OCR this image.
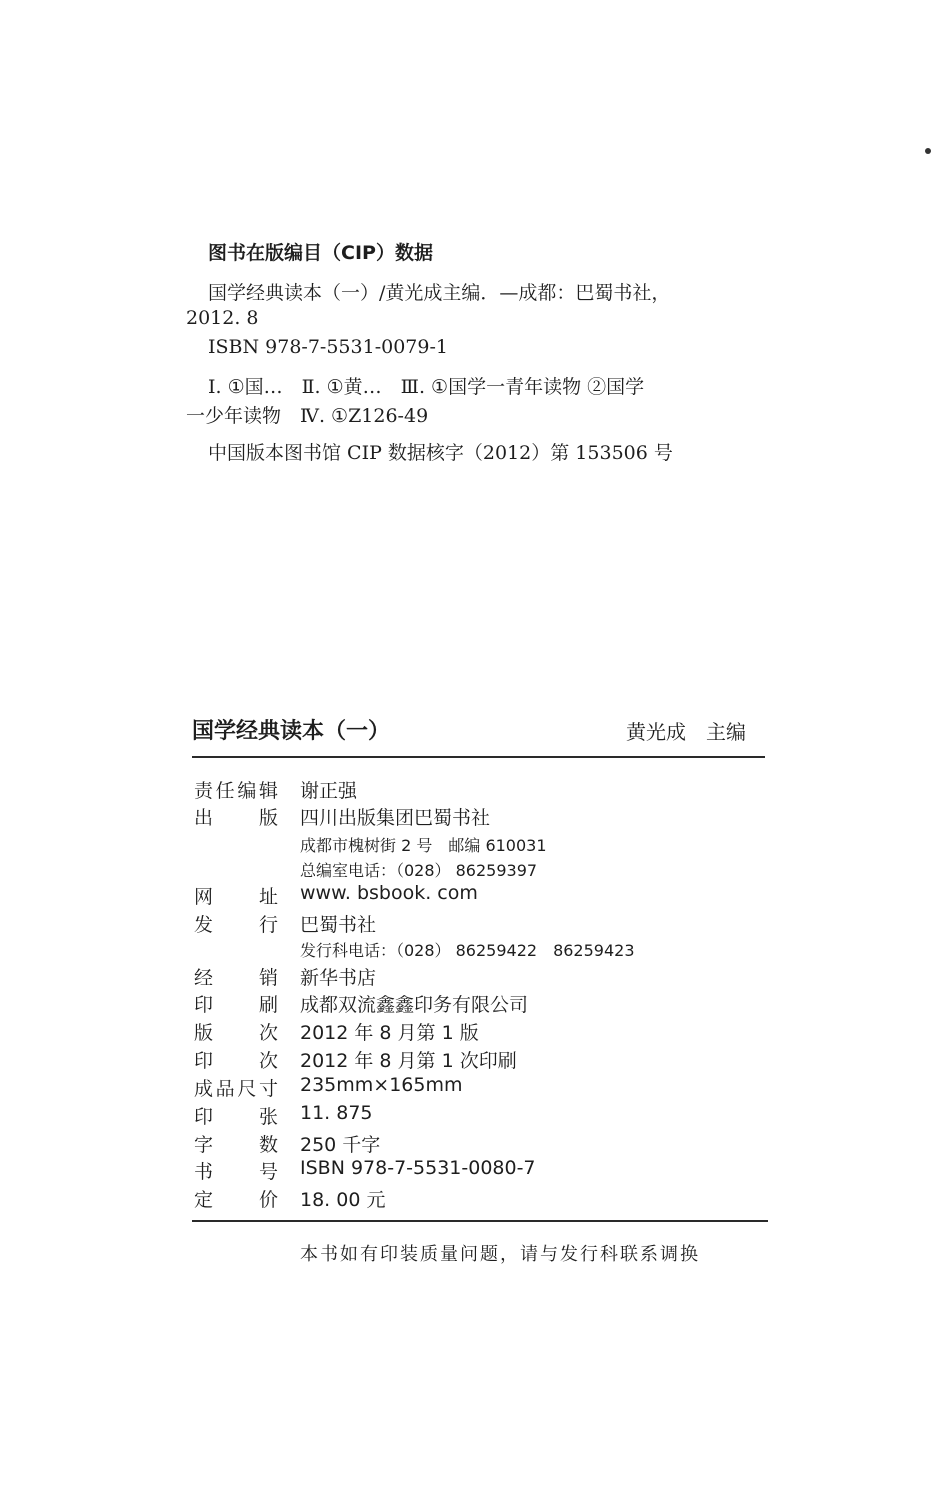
图书在版编目（CIP）数据
国学经典读本（一）/黄光成主编．—成都：巴蜀书社，
2012. 8
ISBN 978-7-5531-0079-1
Ⅰ. ①国…　Ⅱ. ①黄…　Ⅲ. ①国学一青年读物 ②国学
一少年读物　Ⅳ. ①Z126-49
中国版本图书馆 CIP 数据核字（2012）第 153506 号
国学经典读本（一）	黄光成　主编
责 任 编 辑 谢正强
出 版 四川出版集团巴蜀书社
成都市槐树街 2 号　邮编 610031
总编室电话：（028） 86259397
网 址 www. bsbook. com
发 行 巴蜀书社
发行科电话：（028） 86259422　86259423
经 销 新华书店
印 刷 成都双流鑫鑫印务有限公司
版 次 2012 年 8 月第 1 版
印 次 2012 年 8 月第 1 次印刷
成 品 尺 寸 235mm×165mm
印 张 11. 875
字 数 250 千字
书 号 ISBN 978-7-5531-0080-7
定 价 18. 00 元
本书如有印装质量问题，请与发行科联系调换
